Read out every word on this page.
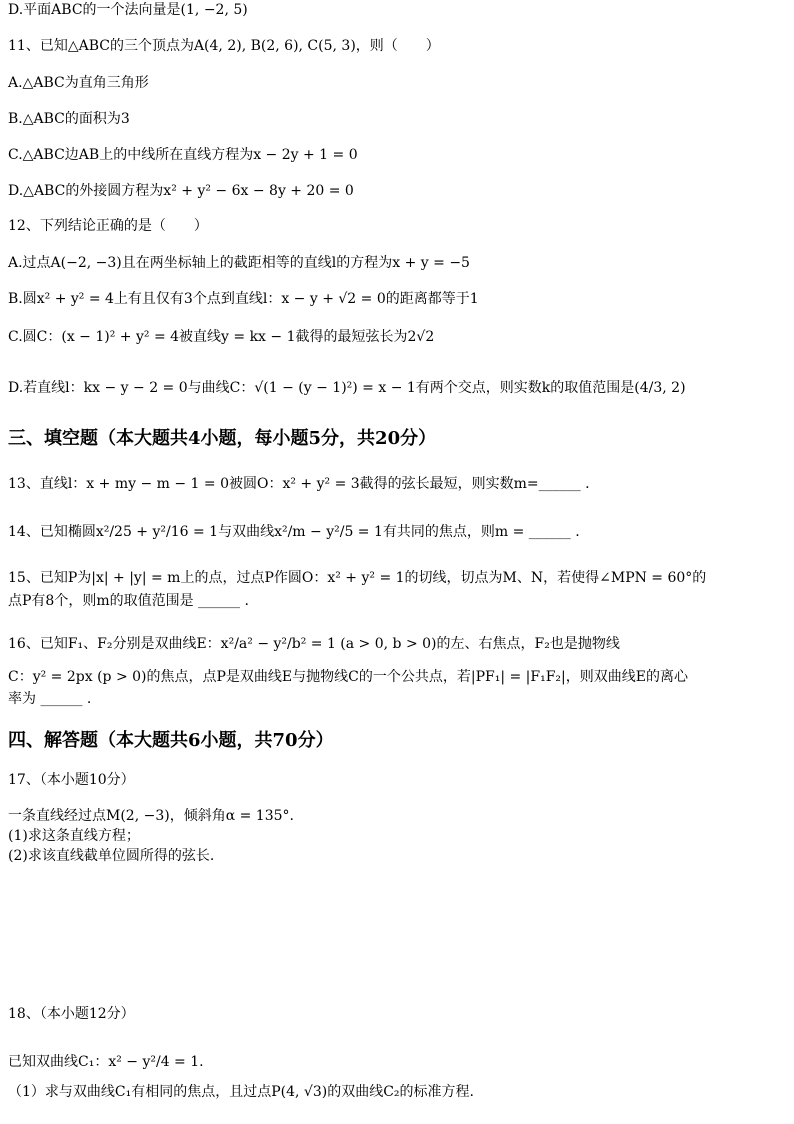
D.平面ABC的一个法向量是(1, −2, 5)
11、已知△ABC的三个顶点为A(4, 2), B(2, 6), C(5, 3)，则（　　）
A.△ABC为直角三角形
B.△ABC的面积为3
C.△ABC边AB上的中线所在直线方程为x − 2y + 1 = 0
D.△ABC的外接圆方程为x² + y² − 6x − 8y + 20 = 0
12、下列结论正确的是（　　）
A.过点A(−2, −3)且在两坐标轴上的截距相等的直线l的方程为x + y = −5
B.圆x² + y² = 4上有且仅有3个点到直线l：x − y + √2 = 0的距离都等于1
C.圆C：(x − 1)² + y² = 4被直线y = kx − 1截得的最短弦长为2√2
D.若直线l：kx − y − 2 = 0与曲线C：√(1 − (y − 1)²) = x − 1有两个交点，则实数k的取值范围是(4/3, 2)
三、填空题（本大题共4小题，每小题5分，共20分）
13、直线l：x + my − m − 1 = 0被圆O：x² + y² = 3截得的弦长最短，则实数m=______ .
14、已知椭圆x²/25 + y²/16 = 1与双曲线x²/m − y²/5 = 1有共同的焦点，则m = ______ .
15、已知P为|x| + |y| = m上的点，过点P作圆O：x² + y² = 1的切线，切点为M、N，若使得∠MPN = 60°的
点P有8个，则m的取值范围是 ______ .
16、已知F₁、F₂分别是双曲线E：x²/a² − y²/b² = 1 (a > 0, b > 0)的左、右焦点，F₂也是抛物线
C：y² = 2px (p > 0)的焦点，点P是双曲线E与抛物线C的一个公共点，若|PF₁| = |F₁F₂|，则双曲线E的离心
率为 ______ .
四、解答题（本大题共6小题，共70分）
17、（本小题10分）
一条直线经过点M(2, −3)，倾斜角α = 135°.
(1)求这条直线方程；
(2)求该直线截单位圆所得的弦长.
18、（本小题12分）
已知双曲线C₁：x² − y²/4 = 1.
（1）求与双曲线C₁有相同的焦点，且过点P(4, √3)的双曲线C₂的标准方程.
